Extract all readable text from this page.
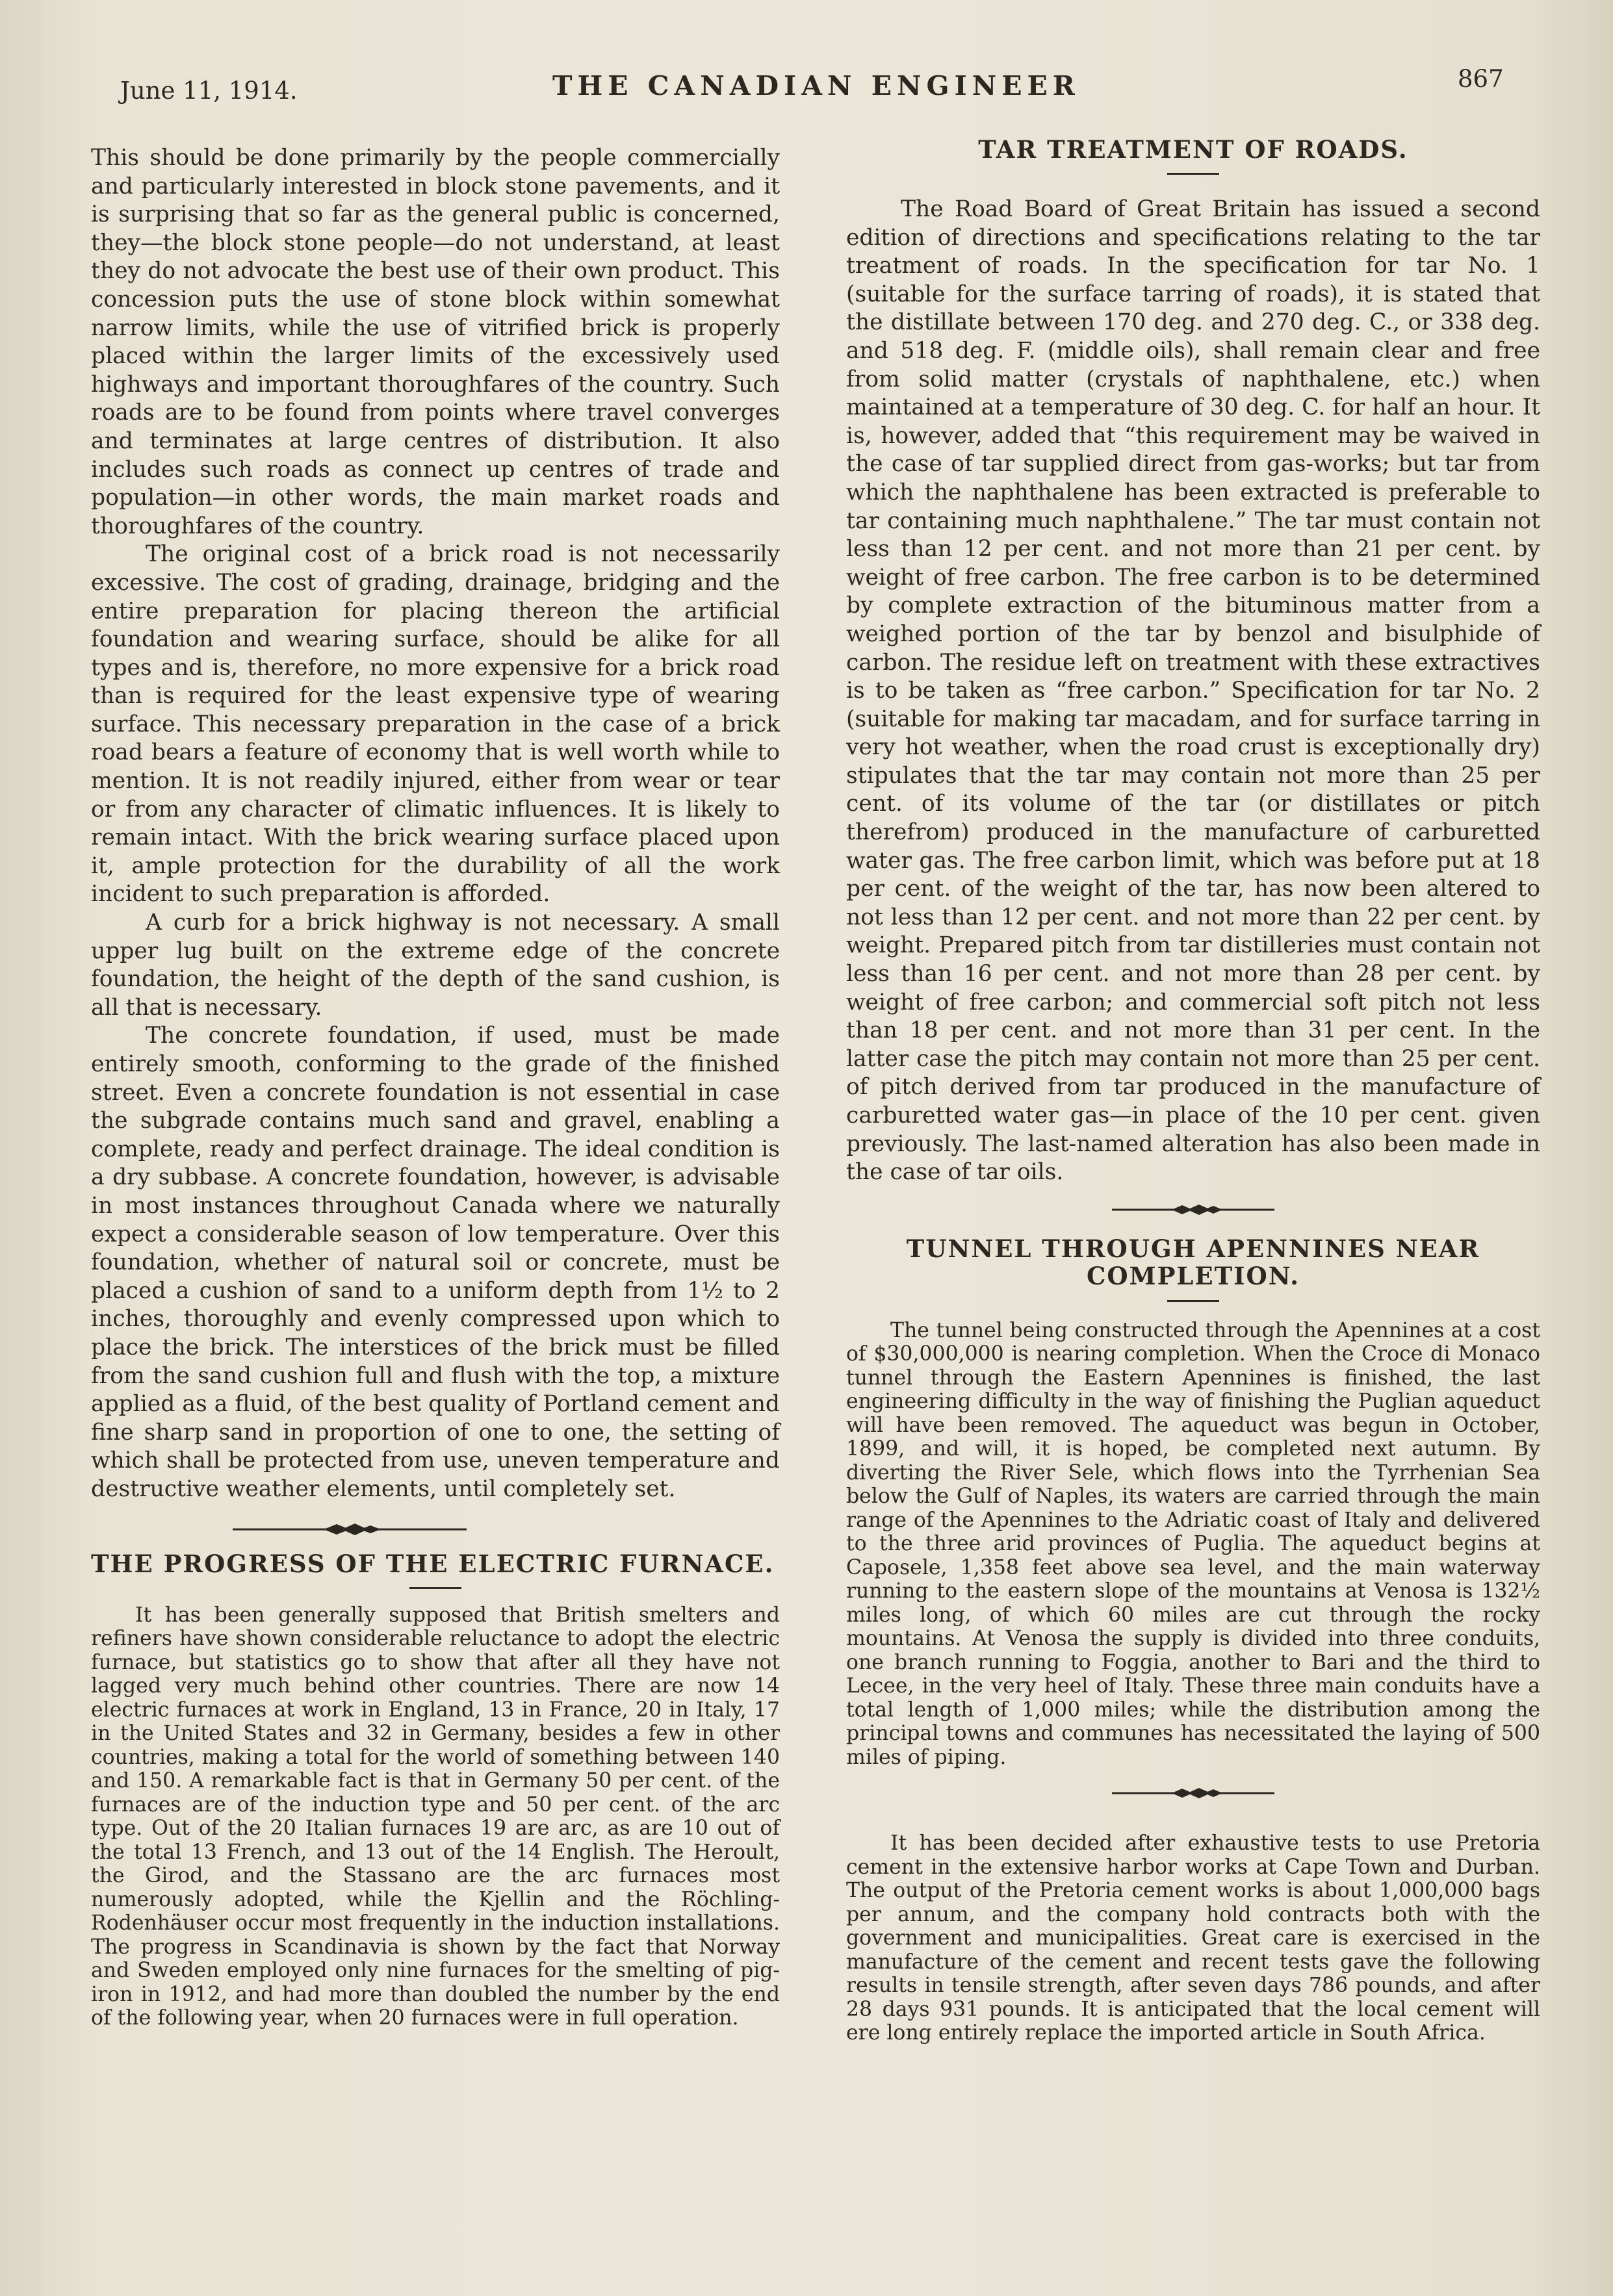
June 11, 1914.	THE CANADIAN ENGINEER	867

This should be done primarily by the people commercially and particularly interested in block stone pavements, and it is surprising that so far as the general public is concerned, they—the block stone people—do not understand, at least they do not advocate the best use of their own product. This concession puts the use of stone block within somewhat narrow limits, while the use of vitrified brick is properly placed within the larger limits of the excessively used highways and important thoroughfares of the country. Such roads are to be found from points where travel converges and terminates at large centres of distribution. It also includes such roads as connect up centres of trade and population—in other words, the main market roads and thoroughfares of the country.

The original cost of a brick road is not necessarily excessive. The cost of grading, drainage, bridging and the entire preparation for placing thereon the artificial foundation and wearing surface, should be alike for all types and is, therefore, no more expensive for a brick road than is required for the least expensive type of wearing surface. This necessary preparation in the case of a brick road bears a feature of economy that is well worth while to mention. It is not readily injured, either from wear or tear or from any character of climatic influences. It is likely to remain intact. With the brick wearing surface placed upon it, ample protection for the durability of all the work incident to such preparation is afforded.

A curb for a brick highway is not necessary. A small upper lug built on the extreme edge of the concrete foundation, the height of the depth of the sand cushion, is all that is necessary.

The concrete foundation, if used, must be made entirely smooth, conforming to the grade of the finished street. Even a concrete foundation is not essential in case the subgrade contains much sand and gravel, enabling a complete, ready and perfect drainage. The ideal condition is a dry subbase. A concrete foundation, however, is advisable in most instances throughout Canada where we naturally expect a considerable season of low temperature. Over this foundation, whether of natural soil or concrete, must be placed a cushion of sand to a uniform depth from 1½ to 2 inches, thoroughly and evenly compressed upon which to place the brick. The interstices of the brick must be filled from the sand cushion full and flush with the top, a mixture applied as a fluid, of the best quality of Portland cement and fine sharp sand in proportion of one to one, the setting of which shall be protected from use, uneven temperature and destructive weather elements, until completely set.

THE PROGRESS OF THE ELECTRIC FURNACE.

It has been generally supposed that British smelters and refiners have shown considerable reluctance to adopt the electric furnace, but statistics go to show that after all they have not lagged very much behind other countries. There are now 14 electric furnaces at work in England, 13 in France, 20 in Italy, 17 in the United States and 32 in Germany, besides a few in other countries, making a total for the world of something between 140 and 150. A remarkable fact is that in Germany 50 per cent. of the furnaces are of the induction type and 50 per cent. of the arc type. Out of the 20 Italian furnaces 19 are arc, as are 10 out of the total 13 French, and 13 out of the 14 English. The Heroult, the Girod, and the Stassano are the arc furnaces most numerously adopted, while the Kjellin and the Röchling-Rodenhäuser occur most frequently in the induction installations. The progress in Scandinavia is shown by the fact that Norway and Sweden employed only nine furnaces for the smelting of pig-iron in 1912, and had more than doubled the number by the end of the following year, when 20 furnaces were in full operation.

TAR TREATMENT OF ROADS.

The Road Board of Great Britain has issued a second edition of directions and specifications relating to the tar treatment of roads. In the specification for tar No. 1 (suitable for the surface tarring of roads), it is stated that the distillate between 170 deg. and 270 deg. C., or 338 deg. and 518 deg. F. (middle oils), shall remain clear and free from solid matter (crystals of naphthalene, etc.) when maintained at a temperature of 30 deg. C. for half an hour. It is, however, added that “this requirement may be waived in the case of tar supplied direct from gas-works; but tar from which the naphthalene has been extracted is preferable to tar containing much naphthalene.” The tar must contain not less than 12 per cent. and not more than 21 per cent. by weight of free carbon. The free carbon is to be determined by complete extraction of the bituminous matter from a weighed portion of the tar by benzol and bisulphide of carbon. The residue left on treatment with these extractives is to be taken as “free carbon.” Specification for tar No. 2 (suitable for making tar macadam, and for surface tarring in very hot weather, when the road crust is exceptionally dry) stipulates that the tar may contain not more than 25 per cent. of its volume of the tar (or distillates or pitch therefrom) produced in the manufacture of carburetted water gas. The free carbon limit, which was before put at 18 per cent. of the weight of the tar, has now been altered to not less than 12 per cent. and not more than 22 per cent. by weight. Prepared pitch from tar distilleries must contain not less than 16 per cent. and not more than 28 per cent. by weight of free carbon; and commercial soft pitch not less than 18 per cent. and not more than 31 per cent. In the latter case the pitch may contain not more than 25 per cent. of pitch derived from tar produced in the manufacture of carburetted water gas—in place of the 10 per cent. given previously. The last-named alteration has also been made in the case of tar oils.

TUNNEL THROUGH APENNINES NEAR COMPLETION.

The tunnel being constructed through the Apennines at a cost of $30,000,000 is nearing completion. When the Croce di Monaco tunnel through the Eastern Apennines is finished, the last engineering difficulty in the way of finishing the Puglian aqueduct will have been removed. The aqueduct was begun in October, 1899, and will, it is hoped, be completed next autumn. By diverting the River Sele, which flows into the Tyrrhenian Sea below the Gulf of Naples, its waters are carried through the main range of the Apennines to the Adriatic coast of Italy and delivered to the three arid provinces of Puglia. The aqueduct begins at Caposele, 1,358 feet above sea level, and the main waterway running to the eastern slope of the mountains at Venosa is 132½ miles long, of which 60 miles are cut through the rocky mountains. At Venosa the supply is divided into three conduits, one branch running to Foggia, another to Bari and the third to Lecee, in the very heel of Italy. These three main conduits have a total length of 1,000 miles; while the distribution among the principal towns and communes has necessitated the laying of 500 miles of piping.

It has been decided after exhaustive tests to use Pretoria cement in the extensive harbor works at Cape Town and Durban. The output of the Pretoria cement works is about 1,000,000 bags per annum, and the company hold contracts both with the government and municipalities. Great care is exercised in the manufacture of the cement and recent tests gave the following results in tensile strength, after seven days 786 pounds, and after 28 days 931 pounds. It is anticipated that the local cement will ere long entirely replace the imported article in South Africa.
